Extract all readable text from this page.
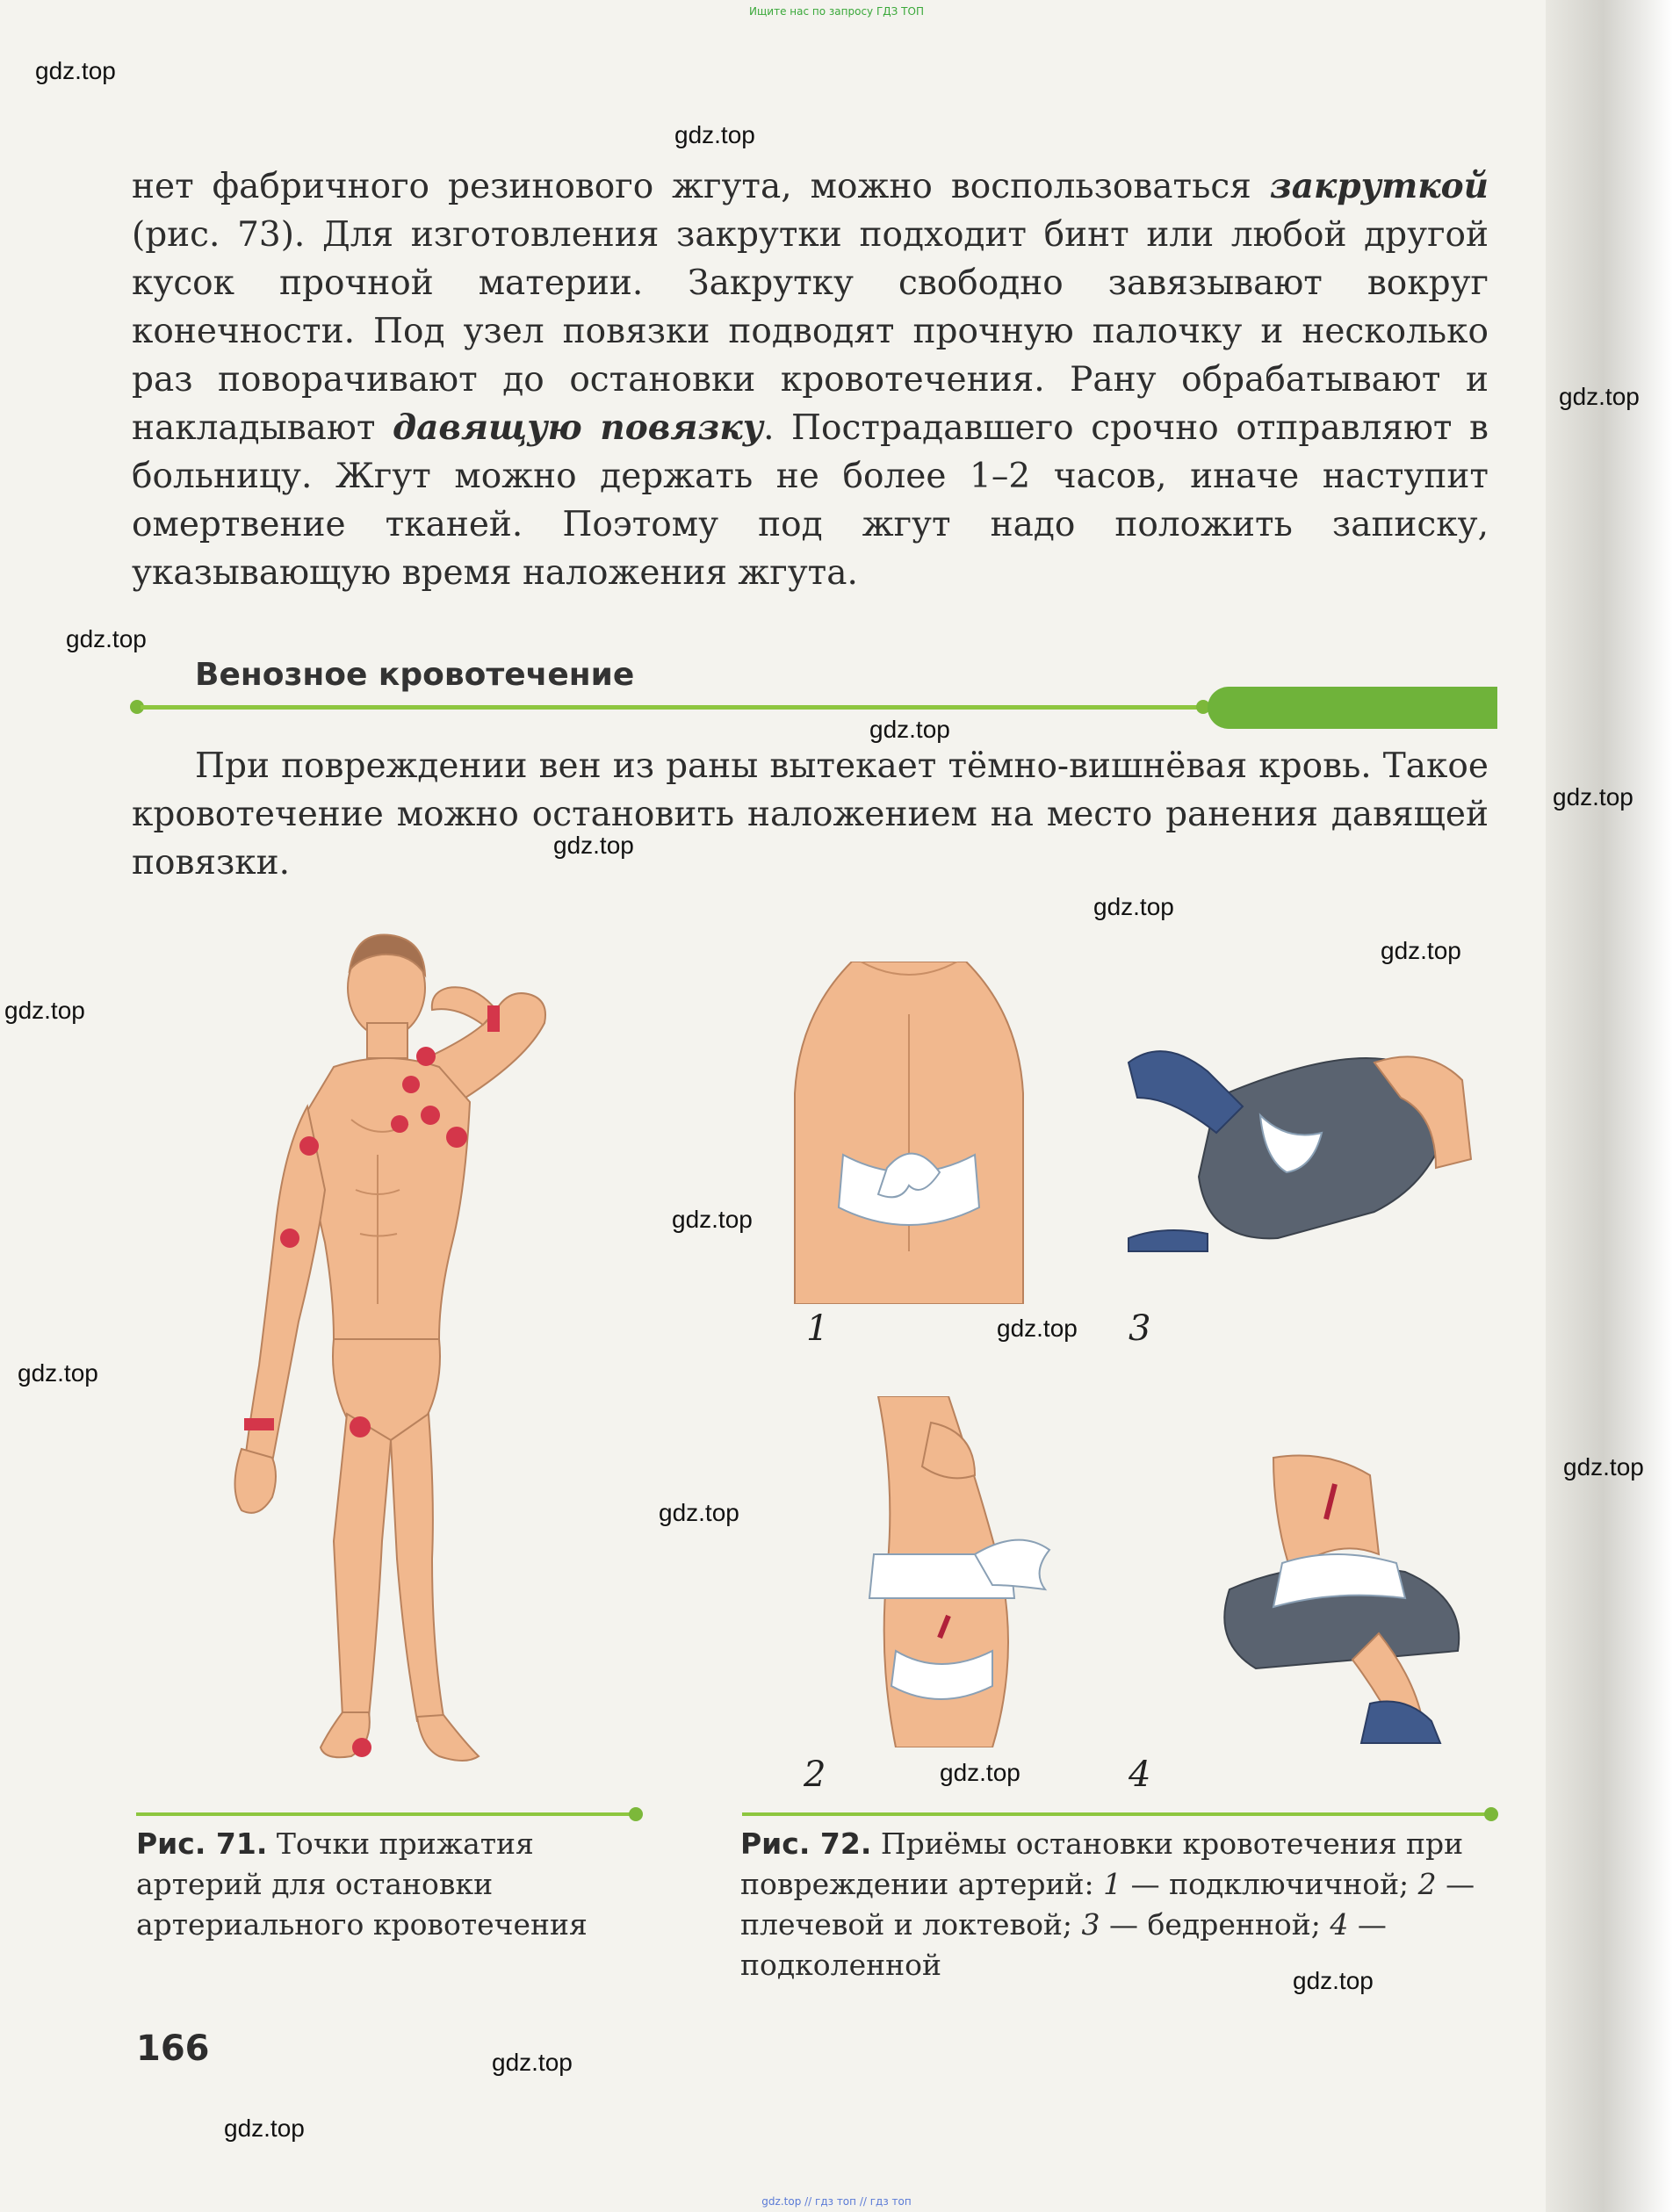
Ищите нас по запросу ГДЗ ТОП
gdz.top
gdz.top
gdz.top
gdz.top
gdz.top
gdz.top
gdz.top
gdz.top
gdz.top
gdz.top
gdz.top
gdz.top
gdz.top
gdz.top
gdz.top
gdz.top
gdz.top
gdz.top
gdz.top
нет фабричного резинового жгута, можно воспользоваться закруткой (рис. 73). Для изготовления закрутки подходит бинт или любой другой кусок прочной материи. Закрутку свободно завязывают вокруг конечности. Под узел повязки подводят прочную палочку и несколько раз поворачивают до остановки кровотечения. Рану обрабатывают и накладывают давящую повязку. Пострадавшего срочно отправляют в больницу. Жгут можно держать не более 1–2 часов, иначе наступит омертвение тканей. Поэтому под жгут надо положить записку, указывающую время наложения жгута.
Венозное кровотечение
При повреждении вен из раны вытекает тёмно-вишнёвая кровь. Такое кровотечение можно остановить наложением на место ранения давящей повязки.
1	3
2	4
Рис. 71. Точки прижатия артерий для остановки артериального кровотечения
Рис. 72. Приёмы остановки кровотечения при повреждении артерий: 1 — подключичной; 2 — плечевой и локтевой; 3 — бедренной; 4 — подколенной
166
gdz.top // гдз топ // гдз топ
